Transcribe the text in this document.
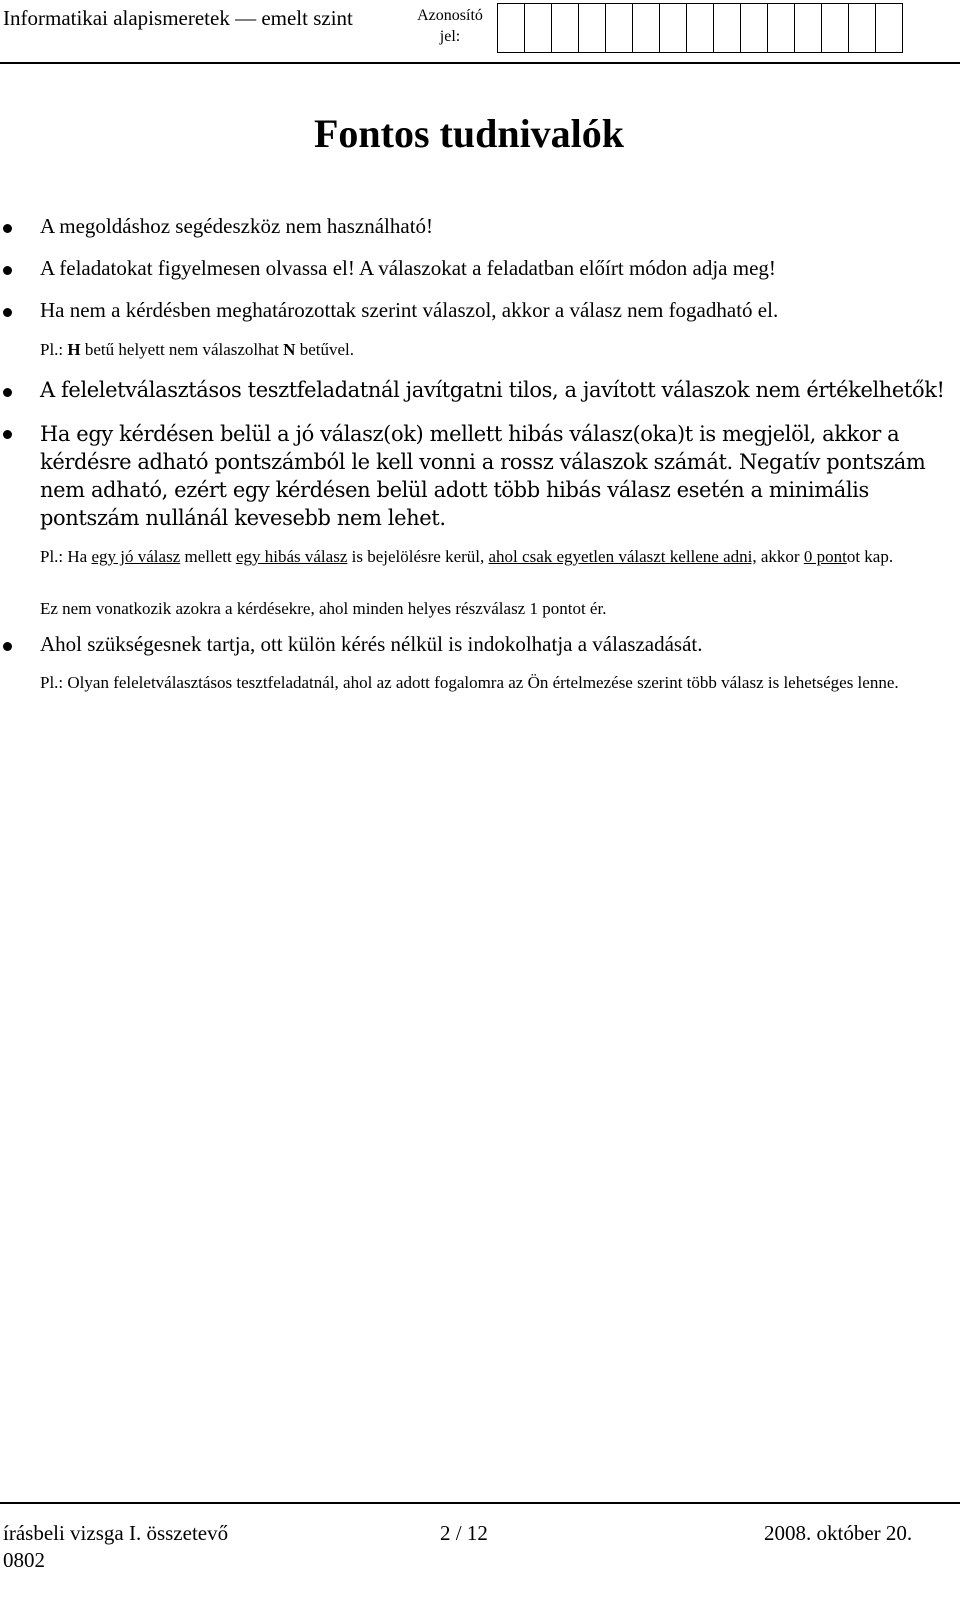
Informatikai alapismeretek — emelt szint	Azonosító jel:
Fontos tudnivalók
A megoldáshoz segédeszköz nem használható!
A feladatokat figyelmesen olvassa el! A válaszokat a feladatban előírt módon adja meg!
Ha nem a kérdésben meghatározottak szerint válaszol, akkor a válasz nem fogadható el.
Pl.: H betű helyett nem válaszolhat N betűvel.
A feleletválasztásos tesztfeladatnál javítgatni tilos, a javított válaszok nem értékelhetők!
Ha egy kérdésen belül a jó válasz(ok) mellett hibás válasz(oka)t is megjelöl, akkor a kérdésre adható pontszámból le kell vonni a rossz válaszok számát. Negatív pontszám nem adható, ezért egy kérdésen belül adott több hibás válasz esetén a minimális pontszám nullánál kevesebb nem lehet.
Pl.: Ha egy jó válasz mellett egy hibás válasz is bejelölésre kerül, ahol csak egyetlen választ kellene adni, akkor 0 pontot kap.
Ez nem vonatkozik azokra a kérdésekre, ahol minden helyes részválasz 1 pontot ér.
Ahol szükségesnek tartja, ott külön kérés nélkül is indokolhatja a válaszadását.
Pl.: Olyan feleletválasztásos tesztfeladatnál, ahol az adott fogalomra az Ön értelmezése szerint több válasz is lehetséges lenne.
írásbeli vizsga I. összetevő	2 / 12	2008. október 20.
0802
